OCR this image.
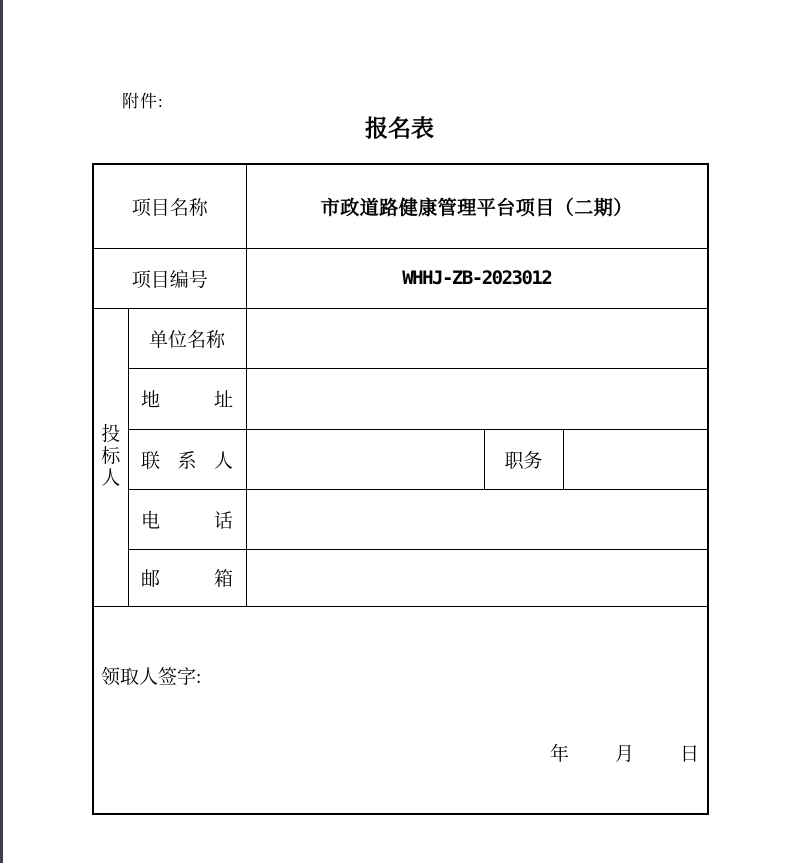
附件:
报名表
项目名称		市政道路健康管理平台项目（二期）		
项目编号		WHHJ-ZB-2023012		

投
标
人	单位名称			
	地址			
	联系人		职务	
	电话			
	邮箱			

领取人签字:
年 月 日				
